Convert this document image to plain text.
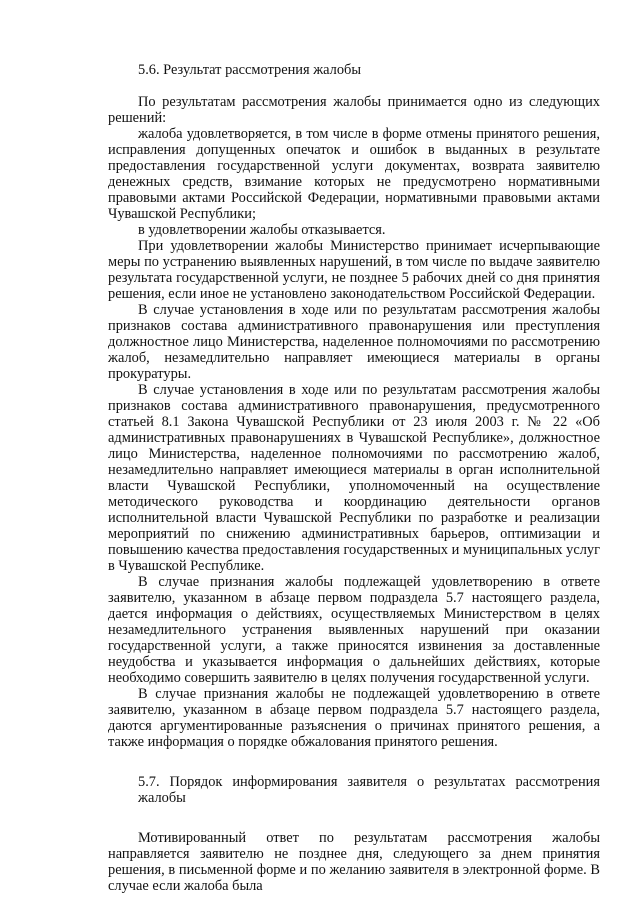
5.6. Результат рассмотрения жалобы

По результатам рассмотрения жалобы принимается одно из следующих решений:

жалоба удовлетворяется, в том числе в форме отмены принятого решения, исправления допущенных опечаток и ошибок в выданных в результате предоставления государственной услуги документах, возврата заявителю денежных средств, взимание которых не предусмотрено нормативными правовыми актами Российской Федерации, нормативными правовыми актами Чувашской Республики;

в удовлетворении жалобы отказывается.

При удовлетворении жалобы Министерство принимает исчерпывающие меры по устранению выявленных нарушений, в том числе по выдаче заявителю результата государственной услуги, не позднее 5 рабочих дней со дня принятия решения, если иное не установлено законодательством Российской Федерации.

В случае установления в ходе или по результатам рассмотрения жалобы признаков состава административного правонарушения или преступления должностное лицо Министерства, наделенное полномочиями по рассмотрению жалоб, незамедлительно направляет имеющиеся материалы в органы прокуратуры.

В случае установления в ходе или по результатам рассмотрения жалобы признаков состава административного правонарушения, предусмотренного статьей 8.1 Закона Чувашской Республики от 23 июля 2003 г. № 22 «Об административных правонарушениях в Чувашской Республике», должностное лицо Министерства, наделенное полномочиями по рассмотрению жалоб, незамедлительно направляет имеющиеся материалы в орган исполнительной власти Чувашской Республики, уполномоченный на осуществление методического руководства и координацию деятельности органов исполнительной власти Чувашской Республики по разработке и реализации мероприятий по снижению административных барьеров, оптимизации и повышению качества предоставления государственных и муниципальных услуг в Чувашской Республике.

В случае признания жалобы подлежащей удовлетворению в ответе заявителю, указанном в абзаце первом подраздела 5.7 настоящего раздела, дается информация о действиях, осуществляемых Министерством в целях незамедлительного устранения выявленных нарушений при оказании государственной услуги, а также приносятся извинения за доставленные неудобства и указывается информация о дальнейших действиях, которые необходимо совершить заявителю в целях получения государственной услуги.

В случае признания жалобы не подлежащей удовлетворению в ответе заявителю, указанном в абзаце первом подраздела 5.7 настоящего раздела, даются аргументированные разъяснения о причинах принятого решения, а также информация о порядке обжалования принятого решения.

5.7. Порядок информирования заявителя о результатах рассмотрения жалобы

Мотивированный ответ по результатам рассмотрения жалобы направляется заявителю не позднее дня, следующего за днем принятия решения, в письменной форме и по желанию заявителя в электронной форме. В случае если жалоба была
